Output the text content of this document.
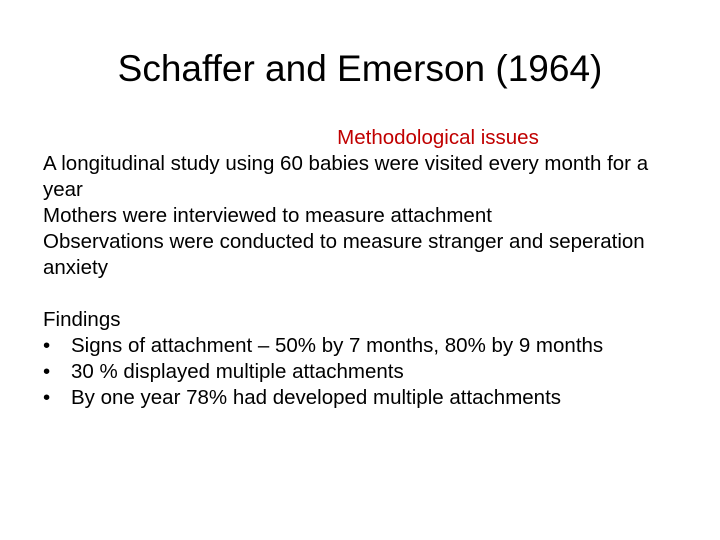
Schaffer and Emerson (1964)
Methodological issues
A longitudinal study using 60 babies were visited every month for a year
Mothers were interviewed to measure attachment
Observations were conducted to measure stranger and seperation anxiety
Findings
• Signs of attachment – 50% by 7 months, 80% by 9 months
• 30 % displayed multiple attachments
• By one year 78% had developed multiple attachments
